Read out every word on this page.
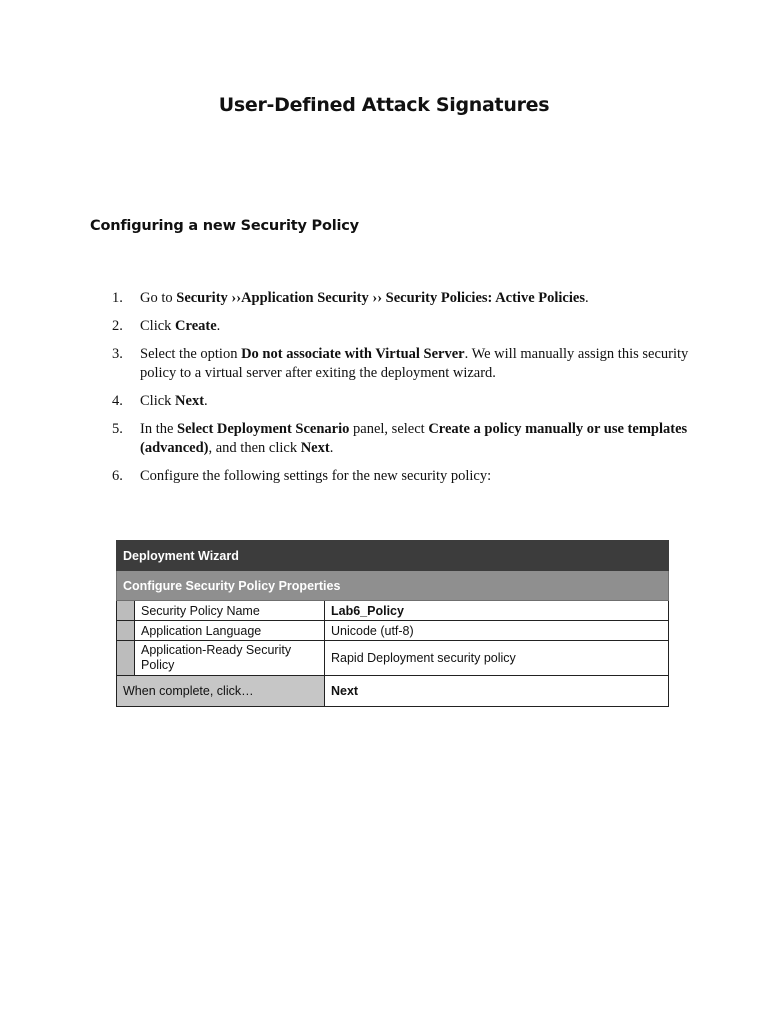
User-Defined Attack Signatures
Configuring a new Security Policy
1.	Go to Security ››Application Security ›› Security Policies: Active Policies.
2.	Click Create.
3.	Select the option Do not associate with Virtual Server. We will manually assign this security policy to a virtual server after exiting the deployment wizard.
4.	Click Next.
5.	In the Select Deployment Scenario panel, select Create a policy manually or use templates (advanced), and then click Next.
6.	Configure the following settings for the new security policy:
Deployment Wizard		
Configure Security Policy Properties		
	Security Policy Name	Lab6_Policy
	Application Language	Unicode (utf-8)
	Application-Ready Security Policy	Rapid Deployment security policy
When complete, click…		Next
